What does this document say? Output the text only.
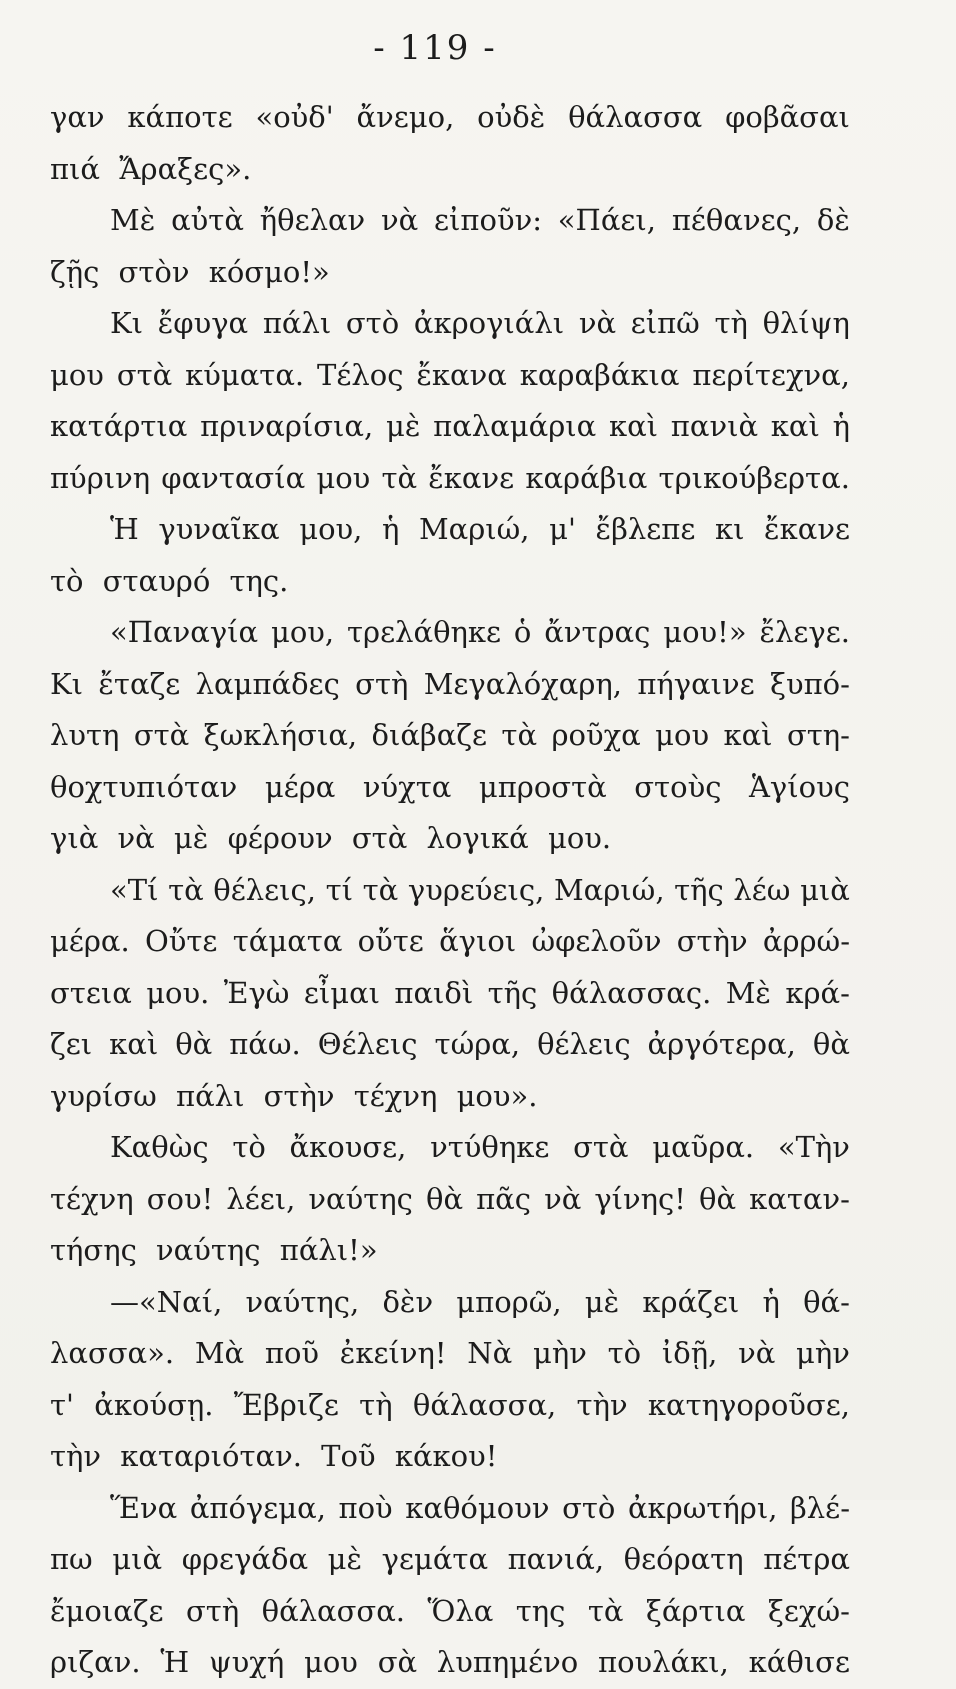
- 119 -
γαν κάποτε «οὐδ' ἄνεμο, οὐδὲ θάλασσα φοβᾶσαι
πιά Ἄραξες».
Μὲ αὐτὰ ἤθελαν νὰ εἰποῦν: «Πάει, πέθανες, δὲ
ζῇς στὸν κόσμο!»
Κι ἔφυγα πάλι στὸ ἀκρογιάλι νὰ εἰπῶ τὴ θλίψη
μου στὰ κύματα. Τέλος ἔκανα καραβάκια περίτεχνα,
κατάρτια πριναρίσια, μὲ παλαμάρια καὶ πανιὰ καὶ ἡ
πύρινη φαντασία μου τὰ ἔκανε καράβια τρικούβερτα.
Ἡ γυναῖκα μου, ἡ Μαριώ, μ' ἔβλεπε κι ἔκανε
τὸ σταυρό της.
«Παναγία μου, τρελάθηκε ὁ ἄντρας μου!» ἔλεγε.
Κι ἔταζε λαμπάδες στὴ Μεγαλόχαρη, πήγαινε ξυπό-
λυτη στὰ ξωκλήσια, διάβαζε τὰ ροῦχα μου καὶ στη-
θοχτυπιόταν μέρα νύχτα μπροστὰ στοὺς Ἁγίους
γιὰ νὰ μὲ φέρουν στὰ λογικά μου.
«Τί τὰ θέλεις, τί τὰ γυρεύεις, Μαριώ, τῆς λέω μιὰ
μέρα. Οὔτε τάματα οὔτε ἅγιοι ὠφελοῦν στὴν ἀρρώ-
στεια μου. Ἐγὼ εἶμαι παιδὶ τῆς θάλασσας. Μὲ κρά-
ζει καὶ θὰ πάω. Θέλεις τώρα, θέλεις ἀργότερα, θὰ
γυρίσω πάλι στὴν τέχνη μου».
Καθὼς τὸ ἄκουσε, ντύθηκε στὰ μαῦρα. «Τὴν
τέχνη σου! λέει, ναύτης θὰ πᾶς νὰ γίνης! θὰ καταν-
τήσης ναύτης πάλι!»
—«Ναί, ναύτης, δὲν μπορῶ, μὲ κράζει ἡ θά-
λασσα». Μὰ ποῦ ἐκείνη! Νὰ μὴν τὸ ἰδῇ, νὰ μὴν
τ' ἀκούσῃ. Ἔβριζε τὴ θάλασσα, τὴν κατηγοροῦσε,
τὴν καταριόταν. Τοῦ κάκου!
Ἕνα ἀπόγεμα, ποὺ καθόμουν στὸ ἀκρωτήρι, βλέ-
πω μιὰ φρεγάδα μὲ γεμάτα πανιά, θεόρατη πέτρα
ἔμοιαζε στὴ θάλασσα. Ὅλα της τὰ ξάρτια ξεχώ-
ριζαν. Ἡ ψυχή μου σὰ λυπημένο πουλάκι, κάθισε
